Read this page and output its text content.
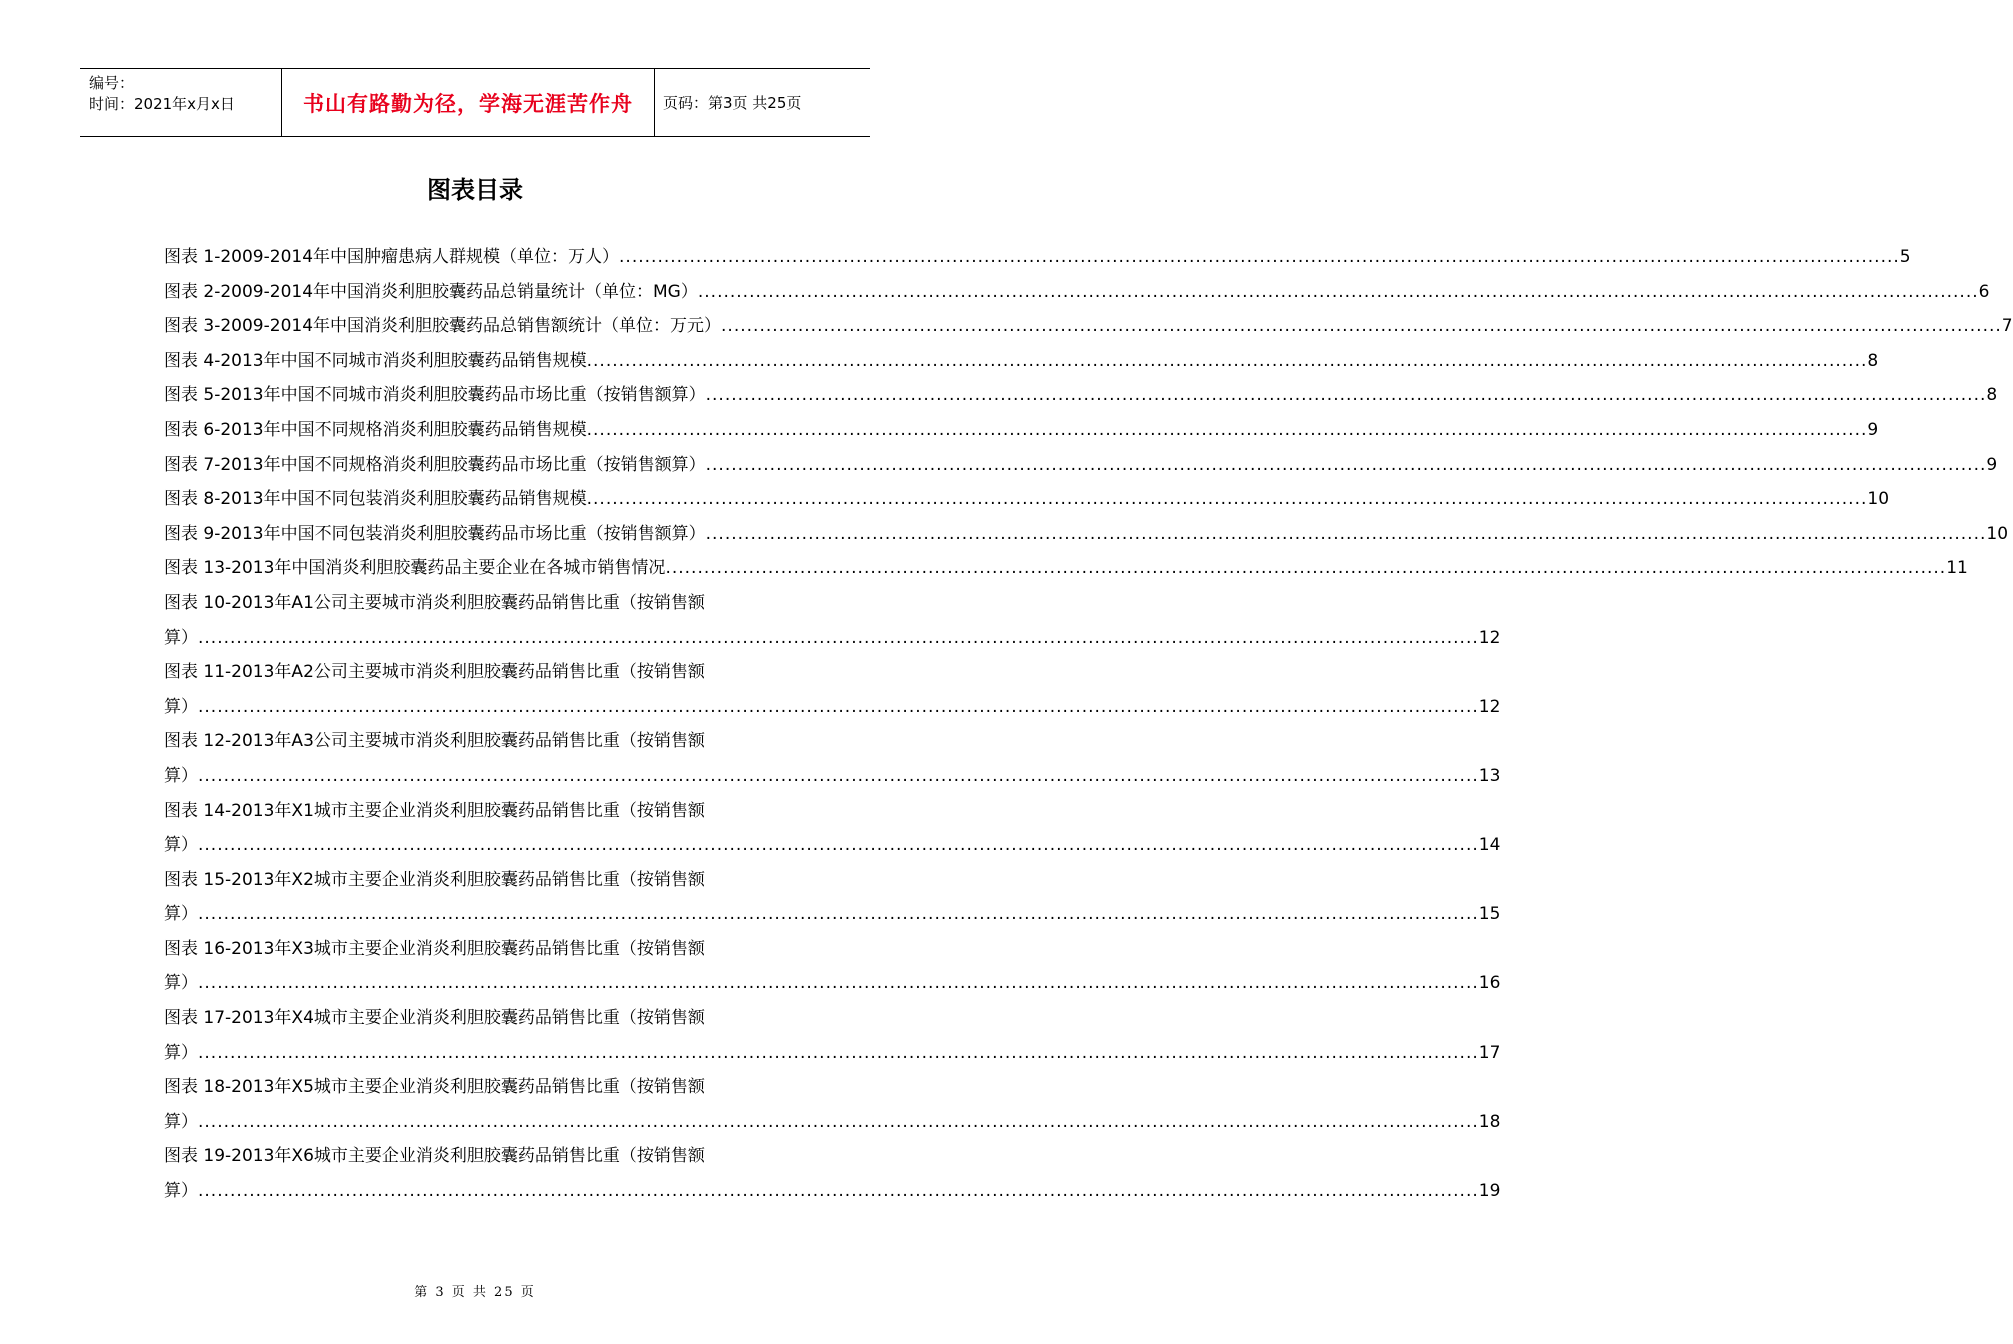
编号：
时间：2021年x月x日	书山有路勤为径，学海无涯苦作舟	页码：第3页 共25页
图表目录
图表 1-2009-2014年中国肿瘤患病人群规模（单位：万人） ........................................................................................................................................................................................................ 5
图表 2-2009-2014年中国消炎利胆胶囊药品总销量统计（单位：MG） ........................................................................................................................................................................................................ 6
图表 3-2009-2014年中国消炎利胆胶囊药品总销售额统计（单位：万元） ........................................................................................................................................................................................................ 7
图表 4-2013年中国不同城市消炎利胆胶囊药品销售规模 ........................................................................................................................................................................................................ 8
图表 5-2013年中国不同城市消炎利胆胶囊药品市场比重（按销售额算） ........................................................................................................................................................................................................ 8
图表 6-2013年中国不同规格消炎利胆胶囊药品销售规模 ........................................................................................................................................................................................................ 9
图表 7-2013年中国不同规格消炎利胆胶囊药品市场比重（按销售额算） ........................................................................................................................................................................................................ 9
图表 8-2013年中国不同包装消炎利胆胶囊药品销售规模 ........................................................................................................................................................................................................ 10
图表 9-2013年中国不同包装消炎利胆胶囊药品市场比重（按销售额算） ........................................................................................................................................................................................................ 10
图表 13-2013年中国消炎利胆胶囊药品主要企业在各城市销售情况 ........................................................................................................................................................................................................ 11
图表 10-2013年A1公司主要城市消炎利胆胶囊药品销售比重（按销售额
算） ........................................................................................................................................................................................................ 12
图表 11-2013年A2公司主要城市消炎利胆胶囊药品销售比重（按销售额
算） ........................................................................................................................................................................................................ 12
图表 12-2013年A3公司主要城市消炎利胆胶囊药品销售比重（按销售额
算） ........................................................................................................................................................................................................ 13
图表 14-2013年X1城市主要企业消炎利胆胶囊药品销售比重（按销售额
算） ........................................................................................................................................................................................................ 14
图表 15-2013年X2城市主要企业消炎利胆胶囊药品销售比重（按销售额
算） ........................................................................................................................................................................................................ 15
图表 16-2013年X3城市主要企业消炎利胆胶囊药品销售比重（按销售额
算） ........................................................................................................................................................................................................ 16
图表 17-2013年X4城市主要企业消炎利胆胶囊药品销售比重（按销售额
算） ........................................................................................................................................................................................................ 17
图表 18-2013年X5城市主要企业消炎利胆胶囊药品销售比重（按销售额
算） ........................................................................................................................................................................................................ 18
图表 19-2013年X6城市主要企业消炎利胆胶囊药品销售比重（按销售额
算） ........................................................................................................................................................................................................ 19
第 3 页 共 25 页
